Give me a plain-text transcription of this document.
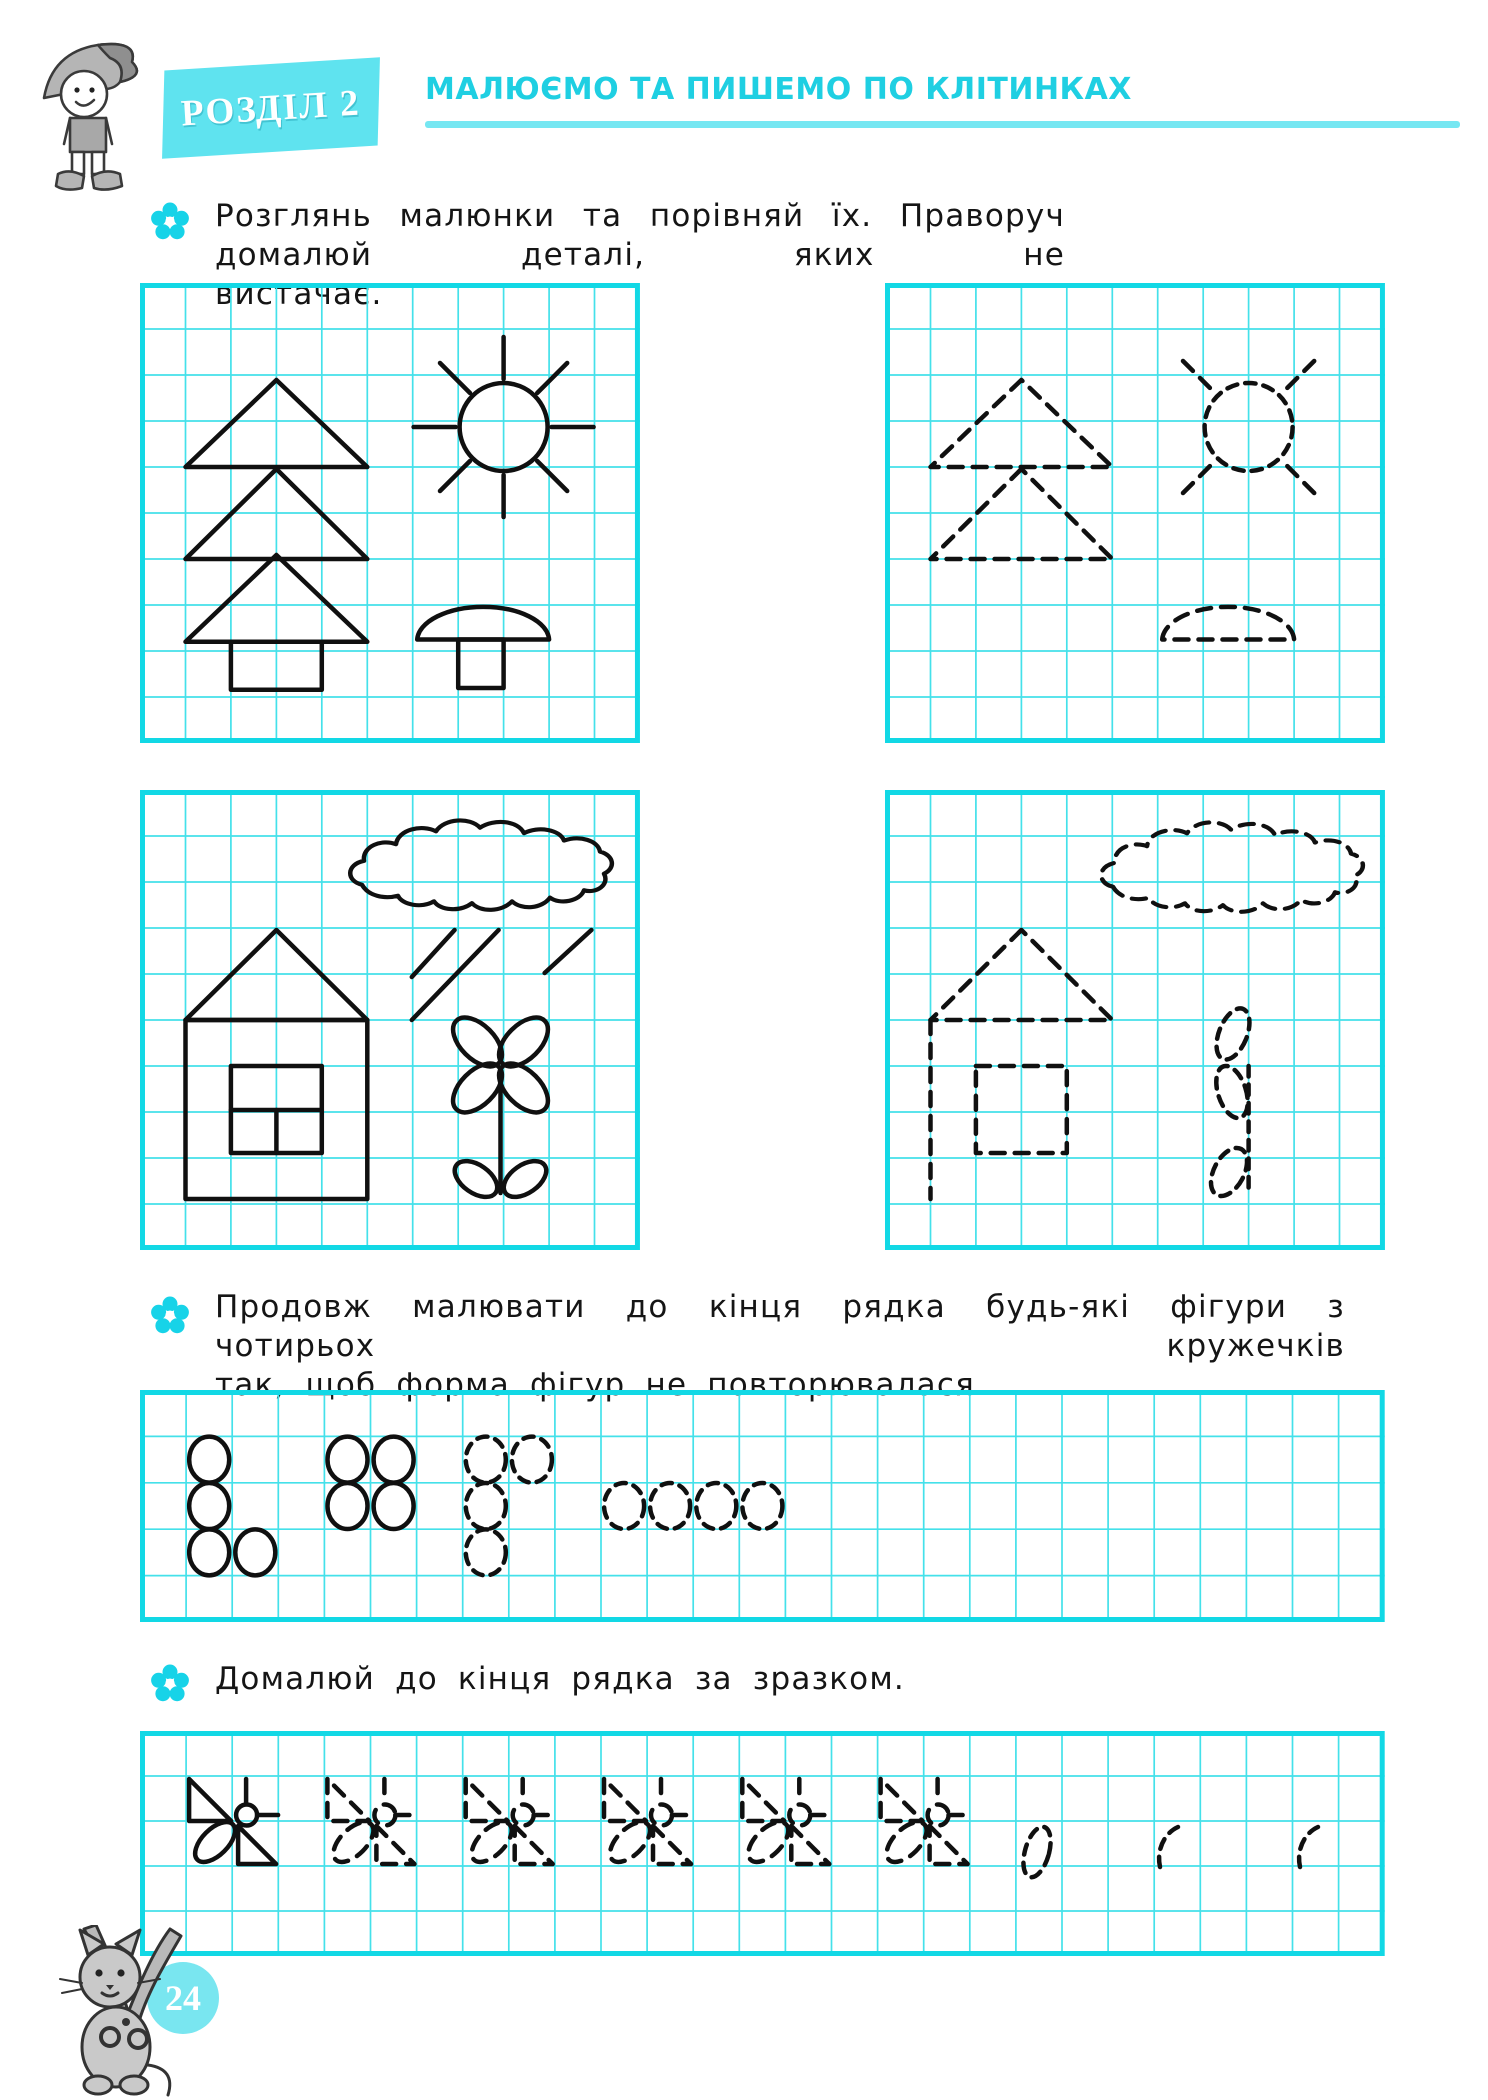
РОЗДІЛ 2 МАЛЮЄМО ТА ПИШЕМО ПО КЛІТИНКАХ
Розглянь малюнки та порівняй їх. Праворуч домалюй деталі, яких не
вистачає.
Продовж малювати до кінця рядка будь-які фігури з чотирьох кружечків
так, щоб форма фігур не повторювалася.
Домалюй до кінця рядка за зразком.
24
